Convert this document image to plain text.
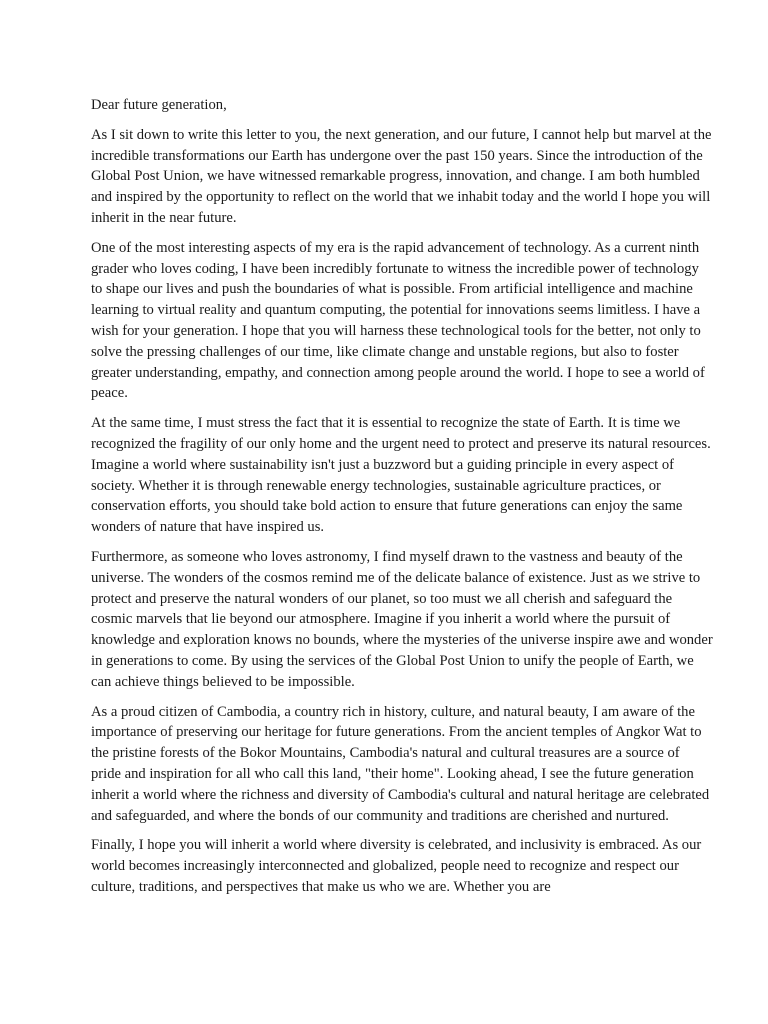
Dear future generation,

As I sit down to write this letter to you, the next generation, and our future, I cannot help but marvel at the incredible transformations our Earth has undergone over the past 150 years. Since the introduction of the Global Post Union, we have witnessed remarkable progress, innovation, and change. I am both humbled and inspired by the opportunity to reflect on the world that we inhabit today and the world I hope you will inherit in the near future.

One of the most interesting aspects of my era is the rapid advancement of technology. As a current ninth grader who loves coding, I have been incredibly fortunate to witness the incredible power of technology to shape our lives and push the boundaries of what is possible. From artificial intelligence and machine learning to virtual reality and quantum computing, the potential for innovations seems limitless. I have a wish for your generation. I hope that you will harness these technological tools for the better, not only to solve the pressing challenges of our time, like climate change and unstable regions, but also to foster greater understanding, empathy, and connection among people around the world. I hope to see a world of peace.

At the same time, I must stress the fact that it is essential to recognize the state of Earth. It is time we recognized the fragility of our only home and the urgent need to protect and preserve its natural resources. Imagine a world where sustainability isn't just a buzzword but a guiding principle in every aspect of society. Whether it is through renewable energy technologies, sustainable agriculture practices, or conservation efforts, you should take bold action to ensure that future generations can enjoy the same wonders of nature that have inspired us.

Furthermore, as someone who loves astronomy, I find myself drawn to the vastness and beauty of the universe. The wonders of the cosmos remind me of the delicate balance of existence. Just as we strive to protect and preserve the natural wonders of our planet, so too must we all cherish and safeguard the cosmic marvels that lie beyond our atmosphere. Imagine if you inherit a world where the pursuit of knowledge and exploration knows no bounds, where the mysteries of the universe inspire awe and wonder in generations to come. By using the services of the Global Post Union to unify the people of Earth, we can achieve things believed to be impossible.

As a proud citizen of Cambodia, a country rich in history, culture, and natural beauty, I am aware of the importance of preserving our heritage for future generations. From the ancient temples of Angkor Wat to the pristine forests of the Bokor Mountains, Cambodia's natural and cultural treasures are a source of pride and inspiration for all who call this land, "their home". Looking ahead, I see the future generation inherit a world where the richness and diversity of Cambodia's cultural and natural heritage are celebrated and safeguarded, and where the bonds of our community and traditions are cherished and nurtured.

Finally, I hope you will inherit a world where diversity is celebrated, and inclusivity is embraced. As our world becomes increasingly interconnected and globalized, people need to recognize and respect our culture, traditions, and perspectives that make us who we are. Whether you are
